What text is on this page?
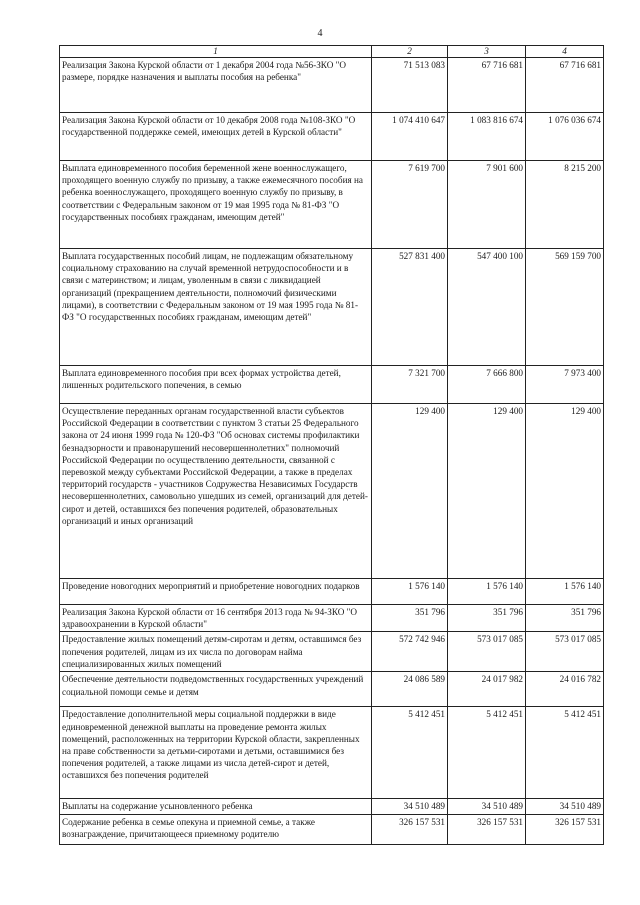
4
1	2	3	4
Реализация Закона Курской области от 1 декабря 2004 года №56-ЗКО "О размере, порядке назначения и выплаты пособия на ребенка"	71 513 083	67 716 681	67 716 681
Реализация Закона Курской области от 10 декабря 2008 года №108-ЗКО "О государственной поддержке семей, имеющих детей в Курской области"	1 074 410 647	1 083 816 674	1 076 036 674
Выплата единовременного пособия беременной жене военнослужащего, проходящего военную службу по призыву, а также ежемесячного пособия на ребенка военнослужащего, проходящего военную службу по призыву, в соответствии с Федеральным законом от 19 мая 1995 года № 81-ФЗ "О государственных пособиях гражданам, имеющим детей"	7 619 700	7 901 600	8 215 200
Выплата государственных пособий лицам, не подлежащим обязательному социальному страхованию на случай временной нетрудоспособности и в связи с материнством; и лицам, уволенным в связи с ликвидацией организаций (прекращением деятельности, полномочий физическими лицами), в соответствии с Федеральным законом от 19 мая 1995 года № 81-ФЗ "О государственных пособиях гражданам, имеющим детей"	527 831 400	547 400 100	569 159 700
Выплата единовременного пособия при всех формах устройства детей, лишенных родительского попечения, в семью	7 321 700	7 666 800	7 973 400
Осуществление переданных органам государственной власти субъектов Российской Федерации в соответствии с пунктом 3 статьи 25 Федерального закона от 24 июня 1999 года № 120-ФЗ "Об основах системы профилактики безнадзорности и правонарушений несовершеннолетних" полномочий Российской Федерации по осуществлению деятельности, связанной с перевозкой между субъектами Российской Федерации, а также в пределах территорий государств - участников Содружества Независимых Государств несовершеннолетних, самовольно ушедших из семей, организаций для детей-сирот и детей, оставшихся без попечения родителей, образовательных организаций и иных организаций	129 400	129 400	129 400
Проведение новогодних мероприятий и приобретение новогодних подарков	1 576 140	1 576 140	1 576 140
Реализация Закона Курской области от 16 сентября 2013 года № 94-ЗКО "О здравоохранении в Курской области"	351 796	351 796	351 796
Предоставление жилых помещений детям-сиротам и детям, оставшимся без попечения родителей, лицам из их числа по договорам найма специализированных жилых помещений	572 742 946	573 017 085	573 017 085
Обеспечение деятельности подведомственных государственных учреждений социальной помощи семье и детям	24 086 589	24 017 982	24 016 782
Предоставление дополнительной меры социальной поддержки в виде единовременной денежной выплаты на проведение ремонта жилых помещений, расположенных на территории Курской области, закрепленных на праве собственности за детьми-сиротами и детьми, оставшимися без попечения родителей, а также лицами из числа детей-сирот и детей, оставшихся без попечения родителей	5 412 451	5 412 451	5 412 451
Выплаты на содержание усыновленного ребенка	34 510 489	34 510 489	34 510 489
Содержание ребенка в семье опекуна и приемной семье, а также вознаграждение, причитающееся приемному родителю	326 157 531	326 157 531	326 157 531
